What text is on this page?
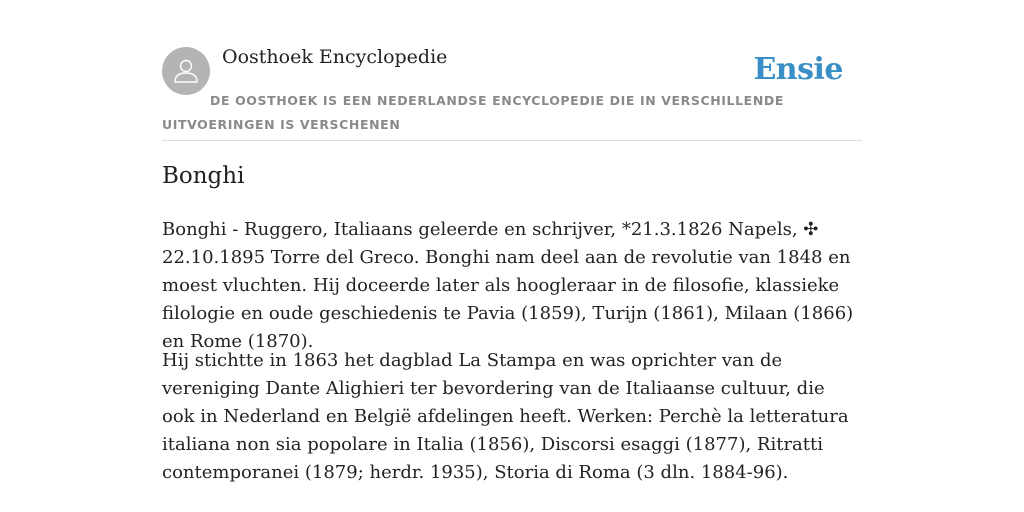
Oosthoek Encyclopedie	Ensie
DE OOSTHOEK IS EEN NEDERLANDSE ENCYCLOPEDIE DIE IN VERSCHILLENDE UITVOERINGEN IS VERSCHENEN
Bonghi

Bonghi - Ruggero, Italiaans geleerde en schrijver, *21.3.1826 Napels, ✣ 22.10.1895 Torre del Greco. Bonghi nam deel aan de revolutie van 1848 en moest vluchten. Hij doceerde later als hoogleraar in de filosofie, klassieke filologie en oude geschiedenis te Pavia (1859), Turijn (1861), Milaan (1866) en Rome (1870).

Hij stichtte in 1863 het dagblad La Stampa en was oprichter van de vereniging Dante Alighieri ter bevordering van de Italiaanse cultuur, die ook in Nederland en België afdelingen heeft. Werken: Perchè la letteratura italiana non sia popolare in Italia (1856), Discorsi esaggi (1877), Ritratti contemporanei (1879; herdr. 1935), Storia di Roma (3 dln. 1884-96).
